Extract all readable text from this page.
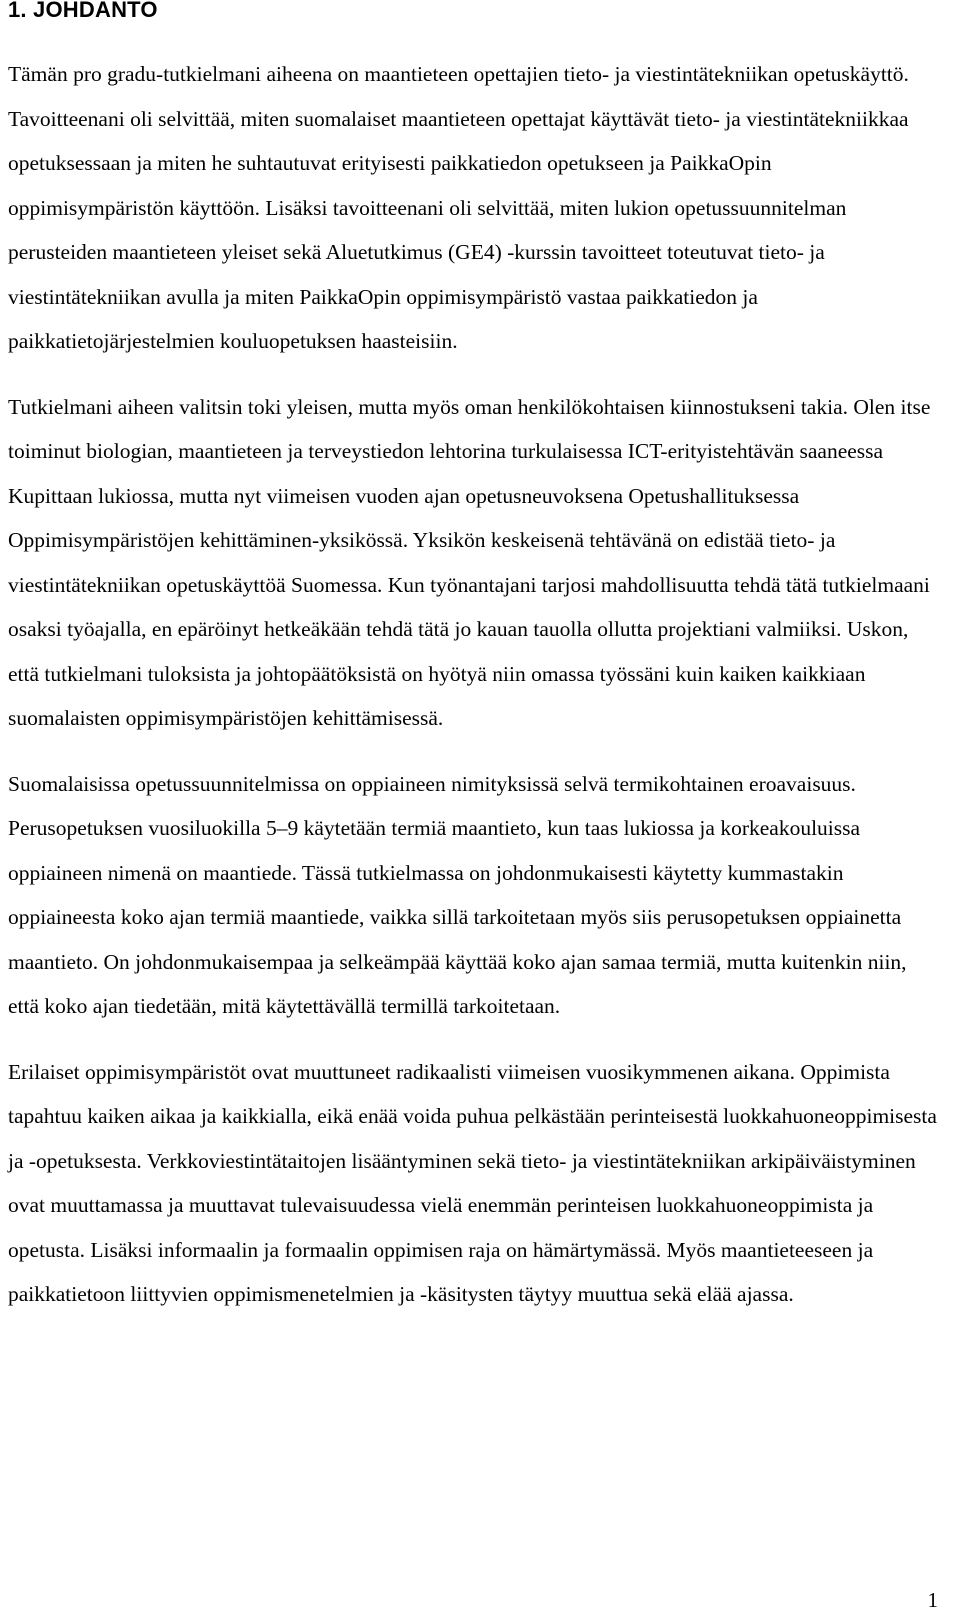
1. JOHDANTO

Tämän pro gradu-tutkielmani aiheena on maantieteen opettajien tieto- ja viestintätekniikan opetuskäyttö. Tavoitteenani oli selvittää, miten suomalaiset maantieteen opettajat käyttävät tieto- ja viestintätekniikkaa opetuksessaan ja miten he suhtautuvat erityisesti paikkatiedon opetukseen ja PaikkaOpin oppimisympäristön käyttöön. Lisäksi tavoitteenani oli selvittää, miten lukion opetussuunnitelman perusteiden maantieteen yleiset sekä Aluetutkimus (GE4) -kurssin tavoitteet toteutuvat tieto- ja viestintätekniikan avulla ja miten PaikkaOpin oppimisympäristö vastaa paikkatiedon ja paikkatietojärjestelmien kouluopetuksen haasteisiin.

Tutkielmani aiheen valitsin toki yleisen, mutta myös oman henkilökohtaisen kiinnostukseni takia. Olen itse toiminut biologian, maantieteen ja terveystiedon lehtorina turkulaisessa ICT-erityistehtävän saaneessa Kupittaan lukiossa, mutta nyt viimeisen vuoden ajan opetusneuvoksena Opetushallituksessa Oppimisympäristöjen kehittäminen-yksikössä. Yksikön keskeisenä tehtävänä on edistää tieto- ja viestintätekniikan opetuskäyttöä Suomessa. Kun työnantajani tarjosi mahdollisuutta tehdä tätä tutkielmaani osaksi työajalla, en epäröinyt hetkeäkään tehdä tätä jo kauan tauolla ollutta projektiani valmiiksi. Uskon, että tutkielmani tuloksista ja johtopäätöksistä on hyötyä niin omassa työssäni kuin kaiken kaikkiaan suomalaisten oppimisympäristöjen kehittämisessä.

Suomalaisissa opetussuunnitelmissa on oppiaineen nimityksissä selvä termikohtainen eroavaisuus. Perusopetuksen vuosiluokilla 5–9 käytetään termiä maantieto, kun taas lukiossa ja korkeakouluissa oppiaineen nimenä on maantiede. Tässä tutkielmassa on johdonmukaisesti käytetty kummastakin oppiaineesta koko ajan termiä maantiede, vaikka sillä tarkoitetaan myös siis perusopetuksen oppiainetta maantieto. On johdonmukaisempaa ja selkeämpää käyttää koko ajan samaa termiä, mutta kuitenkin niin, että koko ajan tiedetään, mitä käytettävällä termillä tarkoitetaan.

Erilaiset oppimisympäristöt ovat muuttuneet radikaalisti viimeisen vuosikymmenen aikana. Oppimista tapahtuu kaiken aikaa ja kaikkialla, eikä enää voida puhua pelkästään perinteisestä luokkahuoneoppimisesta ja -opetuksesta. Verkkoviestintätaitojen lisääntyminen sekä tieto- ja viestintätekniikan arkipäiväistyminen ovat muuttamassa ja muuttavat tulevaisuudessa vielä enemmän perinteisen luokkahuoneoppimista ja opetusta. Lisäksi informaalin ja formaalin oppimisen raja on hämärtymässä. Myös maantieteeseen ja paikkatietoon liittyvien oppimismenetelmien ja -käsitysten täytyy muuttua sekä elää ajassa.

1
